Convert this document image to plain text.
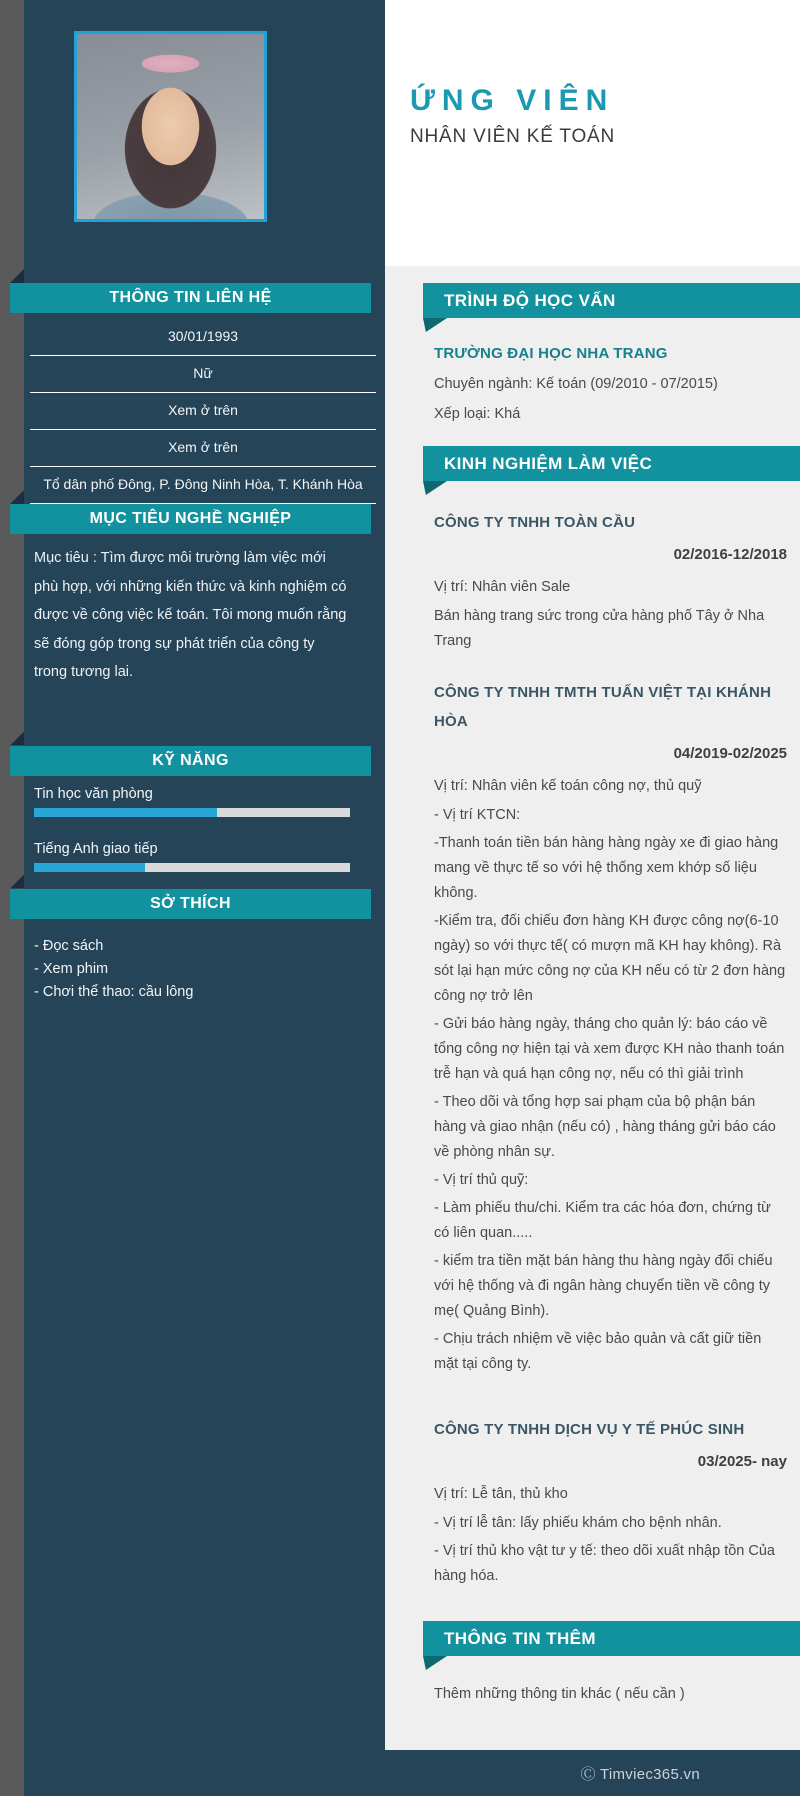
THÔNG TIN LIÊN HỆ
30/01/1993
Nữ
Xem ở trên
Xem ở trên
Tổ dân phố Đông, P. Đông Ninh Hòa, T. Khánh Hòa
MỤC TIÊU NGHỀ NGHIỆP
Mục tiêu : Tìm được môi trường làm việc mới phù hợp, với những kiến thức và kinh nghiệm có được về công việc kế toán. Tôi mong muốn rằng sẽ đóng góp trong sự phát triển của công ty trong tương lai.
KỸ NĂNG
Tin học văn phòng
Tiếng Anh giao tiếp
SỞ THÍCH
- Đọc sách
- Xem phim
- Chơi thể thao: cầu lông
ỨNG VIÊN
NHÂN VIÊN KẾ TOÁN
TRÌNH ĐỘ HỌC VẤN
TRƯỜNG ĐẠI HỌC NHA TRANG
Chuyên ngành: Kế toán (09/2010 - 07/2015)
Xếp loại: Khá
KINH NGHIỆM LÀM VIỆC
CÔNG TY TNHH TOÀN CẦU
02/2016-12/2018
Vị trí: Nhân viên Sale
Bán hàng trang sức trong cửa hàng phố Tây ở Nha Trang
CÔNG TY TNHH TMTH TUẤN VIỆT TẠI KHÁNH HÒA
04/2019-02/2025
Vị trí: Nhân viên kế toán công nợ, thủ quỹ
- Vị trí KTCN:
-Thanh toán tiền bán hàng hàng ngày xe đi giao hàng mang về thực tế so với hệ thống xem khớp số liệu không.
-Kiểm tra, đối chiếu đơn hàng KH được công nợ(6-10 ngày) so với thực tế( có mượn mã KH hay không). Rà sót lại hạn mức công nợ của KH nếu có từ 2 đơn hàng công nợ trở lên
- Gửi báo hàng ngày, tháng cho quản lý: báo cáo về tổng công nợ hiện tại và xem được KH nào thanh toán trễ hạn và quá hạn công nợ, nếu có thì giải trình
- Theo dõi và tổng hợp sai phạm của bộ phận bán hàng và giao nhận (nếu có) , hàng tháng gửi báo cáo về phòng nhân sự.
- Vị trí thủ quỹ:
- Làm phiếu thu/chi. Kiểm tra các hóa đơn, chứng từ có liên quan.....
- kiểm tra tiền mặt bán hàng thu hàng ngày đối chiếu với hệ thống và đi ngân hàng chuyển tiền về công ty mẹ( Quảng Bình).
- Chịu trách nhiệm về việc bảo quản và cất giữ tiền mặt tại công ty.
CÔNG TY TNHH DỊCH VỤ Y TẾ PHÚC SINH
03/2025- nay
Vị trí: Lễ tân, thủ kho
- Vị trí lễ tân: lấy phiếu khám cho bệnh nhân.
- Vị trí thủ kho vật tư y tế: theo dõi xuất nhập tồn Của hàng hóa.
THÔNG TIN THÊM
Thêm những thông tin khác ( nếu cần )
Ⓒ Timviec365.vn
